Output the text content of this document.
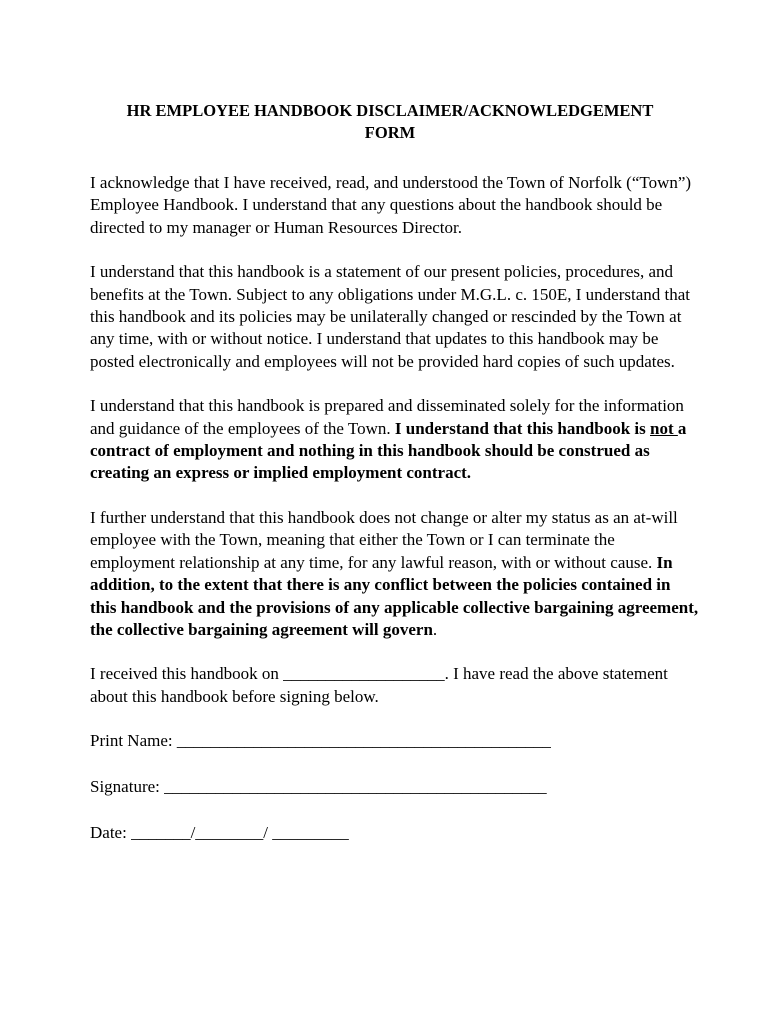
HR EMPLOYEE HANDBOOK DISCLAIMER/ACKNOWLEDGEMENT
FORM

I acknowledge that I have received, read, and understood the Town of Norfolk (“Town”) Employee Handbook. I understand that any questions about the handbook should be directed to my manager or Human Resources Director.

I understand that this handbook is a statement of our present policies, procedures, and benefits at the Town. Subject to any obligations under M.G.L. c. 150E, I understand that this handbook and its policies may be unilaterally changed or rescinded by the Town at any time, with or without notice. I understand that updates to this handbook may be posted electronically and employees will not be provided hard copies of such updates.

I understand that this handbook is prepared and disseminated solely for the information and guidance of the employees of the Town. I understand that this handbook is not a contract of employment and nothing in this handbook should be construed as creating an express or implied employment contract.

I further understand that this handbook does not change or alter my status as an at-will employee with the Town, meaning that either the Town or I can terminate the employment relationship at any time, for any lawful reason, with or without cause. In addition, to the extent that there is any conflict between the policies contained in this handbook and the provisions of any applicable collective bargaining agreement, the collective bargaining agreement will govern.

I received this handbook on ___________________. I have read the above statement about this handbook before signing below.

Print Name: ____________________________________________
Signature: _____________________________________________
Date: _______/________/ _________
